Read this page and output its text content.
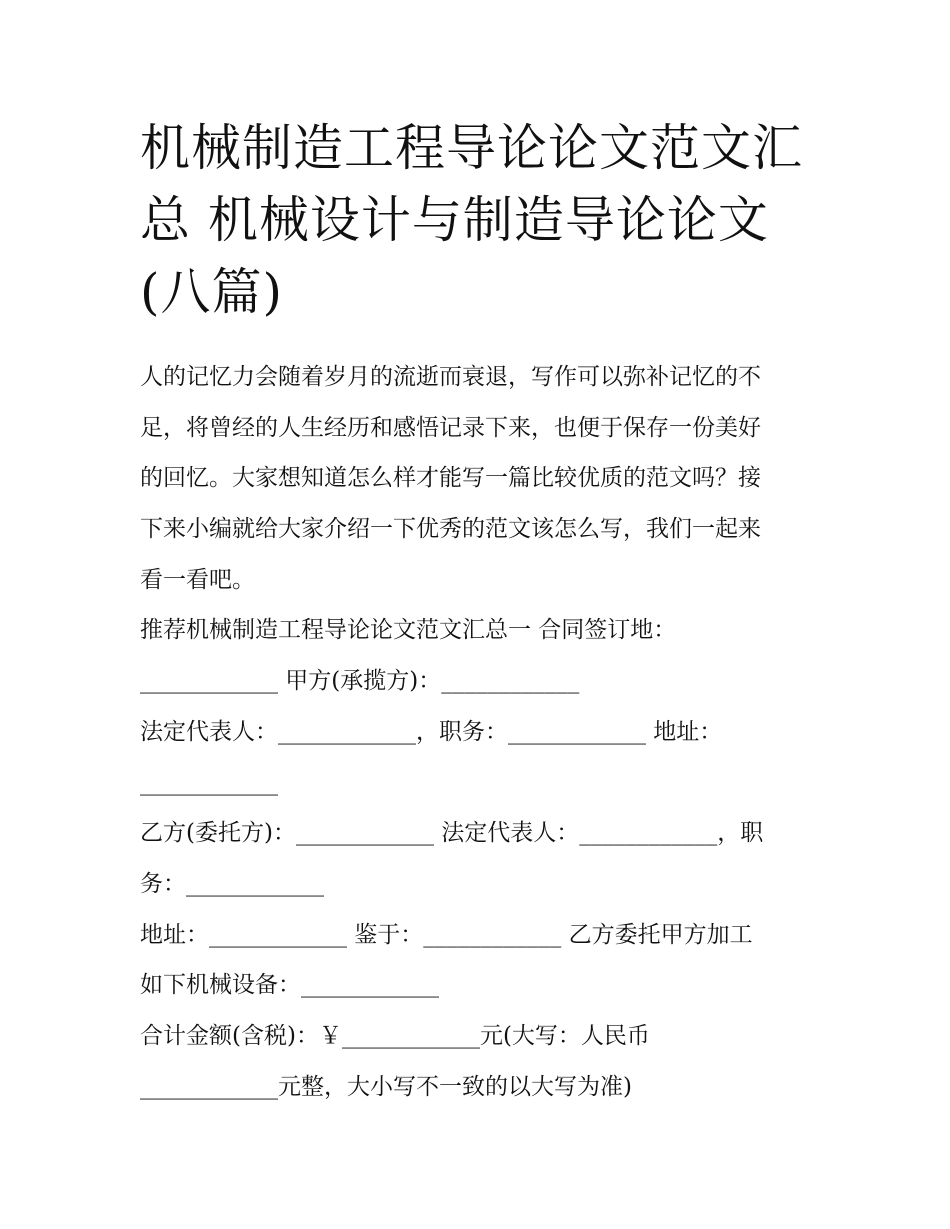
机械制造工程导论论文范文汇
总 机械设计与制造导论论文
(八篇)
人的记忆力会随着岁月的流逝而衰退，写作可以弥补记忆的不
足，将曾经的人生经历和感悟记录下来，也便于保存一份美好
的回忆。大家想知道怎么样才能写一篇比较优质的范文吗？接
下来小编就给大家介绍一下优秀的范文该怎么写，我们一起来
看一看吧。
推荐机械制造工程导论论文范文汇总一 合同签订地：
____________ 甲方(承揽方)：____________
法定代表人：____________，职务：____________ 地址：
____________
乙方(委托方)：____________ 法定代表人：____________，职
务：____________
地址：____________ 鉴于：____________ 乙方委托甲方加工
如下机械设备：____________
合计金额(含税)：￥____________元(大写：人民币
____________元整，大小写不一致的以大写为准)
